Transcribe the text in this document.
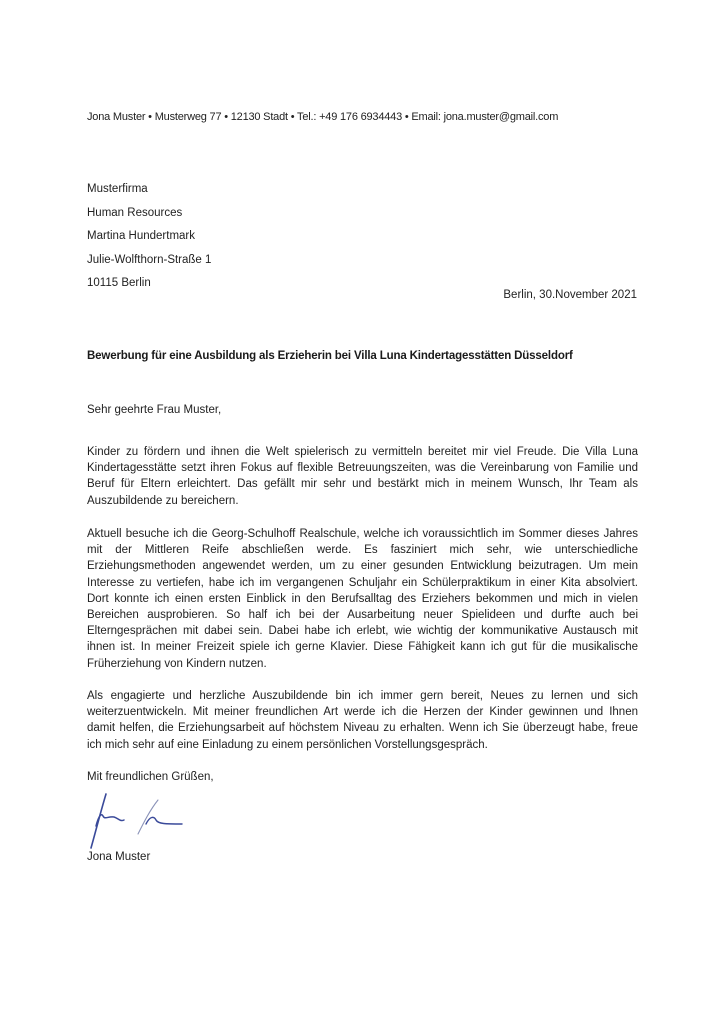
Jona Muster • Musterweg 77 • 12130 Stadt • Tel.: +49 176 6934443 • Email: jona.muster@gmail.com
Musterfirma
Human Resources
Martina Hundertmark
Julie-Wolfthorn-Straße 1
10115 Berlin
Berlin, 30.November 2021
Bewerbung für eine Ausbildung als Erzieherin bei Villa Luna Kindertagesstätten Düsseldorf
Sehr geehrte Frau Muster,
Kinder zu fördern und ihnen die Welt spielerisch zu vermitteln bereitet mir viel Freude. Die Villa Luna
Kindertagesstätte setzt ihren Fokus auf flexible Betreuungszeiten, was die Vereinbarung von Familie und
Beruf für Eltern erleichtert. Das gefällt mir sehr und bestärkt mich in meinem Wunsch, Ihr Team als
Auszubildende zu bereichern.
Aktuell besuche ich die Georg-Schulhoff Realschule, welche ich voraussichtlich im Sommer dieses Jahres
mit der Mittleren Reife abschließen werde. Es fasziniert mich sehr, wie unterschiedliche
Erziehungsmethoden angewendet werden, um zu einer gesunden Entwicklung beizutragen. Um mein
Interesse zu vertiefen, habe ich im vergangenen Schuljahr ein Schülerpraktikum in einer Kita absolviert.
Dort konnte ich einen ersten Einblick in den Berufsalltag des Erziehers bekommen und mich in vielen
Bereichen ausprobieren. So half ich bei der Ausarbeitung neuer Spielideen und durfte auch bei
Elterngesprächen mit dabei sein. Dabei habe ich erlebt, wie wichtig der kommunikative Austausch mit
ihnen ist. In meiner Freizeit spiele ich gerne Klavier. Diese Fähigkeit kann ich gut für die musikalische
Früherziehung von Kindern nutzen.
Als engagierte und herzliche Auszubildende bin ich immer gern bereit, Neues zu lernen und sich
weiterzuentwickeln. Mit meiner freundlichen Art werde ich die Herzen der Kinder gewinnen und Ihnen
damit helfen, die Erziehungsarbeit auf höchstem Niveau zu erhalten. Wenn ich Sie überzeugt habe, freue
ich mich sehr auf eine Einladung zu einem persönlichen Vorstellungsgespräch.
Mit freundlichen Grüßen,
Jona Muster
